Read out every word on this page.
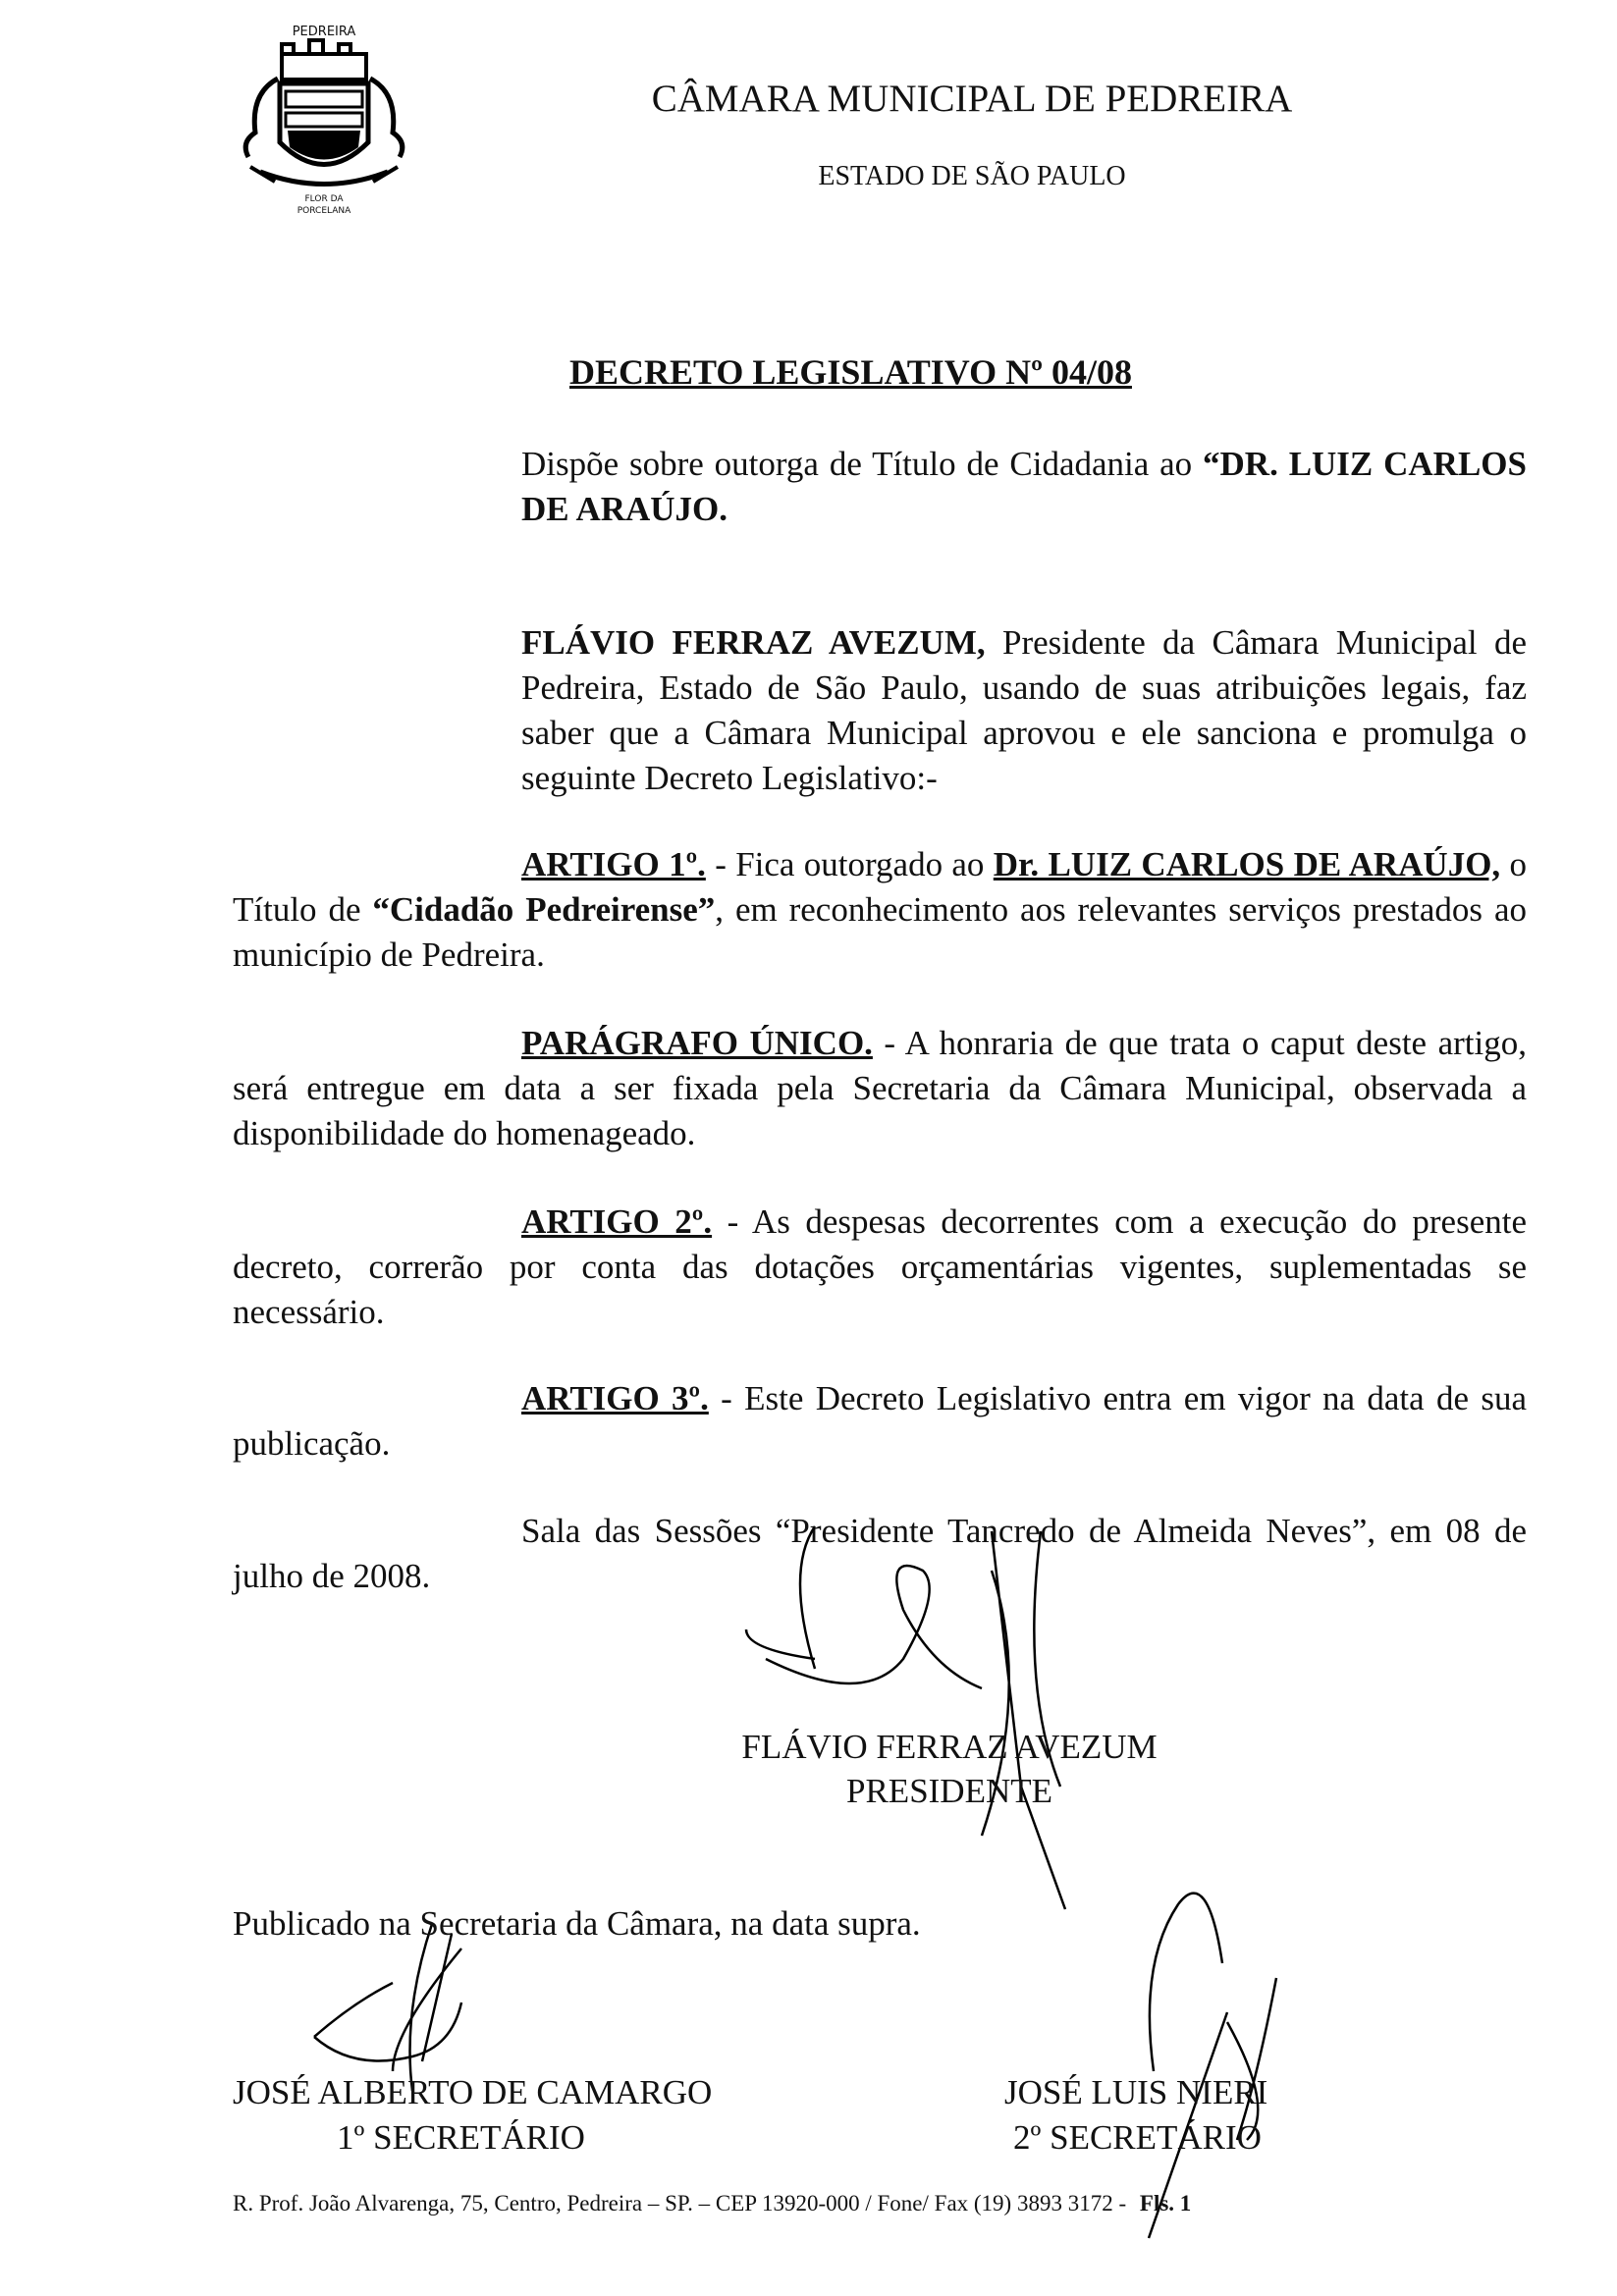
PEDREIRA
FLOR DA PORCELANA
CÂMARA MUNICIPAL DE PEDREIRA
ESTADO DE SÃO PAULO
DECRETO LEGISLATIVO Nº 04/08
Dispõe sobre outorga de Título de Cidadania ao “DR. LUIZ CARLOS DE ARAÚJO.
FLÁVIO FERRAZ AVEZUM, Presidente da Câmara Municipal de Pedreira, Estado de São Paulo, usando de suas atribuições legais, faz saber que a Câmara Municipal aprovou e ele sanciona e promulga o seguinte Decreto Legislativo:-
ARTIGO 1º. - Fica outorgado ao Dr. LUIZ CARLOS DE ARAÚJO, o Título de “Cidadão Pedreirense”, em reconhecimento aos relevantes serviços prestados ao município de Pedreira.
PARÁGRAFO ÚNICO. - A honraria de que trata o caput deste artigo, será entregue em data a ser fixada pela Secretaria da Câmara Municipal, observada a disponibilidade do homenageado.
ARTIGO 2º. - As despesas decorrentes com a execução do presente decreto, correrão por conta das dotações orçamentárias vigentes, suplementadas se necessário.
ARTIGO 3º. - Este Decreto Legislativo entra em vigor na data de sua publicação.
Sala das Sessões “Presidente Tancredo de Almeida Neves”, em 08 de julho de 2008.
FLÁVIO FERRAZ AVEZUM
PRESIDENTE
Publicado na Secretaria da Câmara, na data supra.
JOSÉ ALBERTO DE CAMARGO
1º SECRETÁRIO
JOSÉ LUIS NIERI
2º SECRETÁRIO
R. Prof. João Alvarenga, 75, Centro, Pedreira – SP. – CEP 13920-000 / Fone/ Fax (19) 3893 3172 - Fls. 1
